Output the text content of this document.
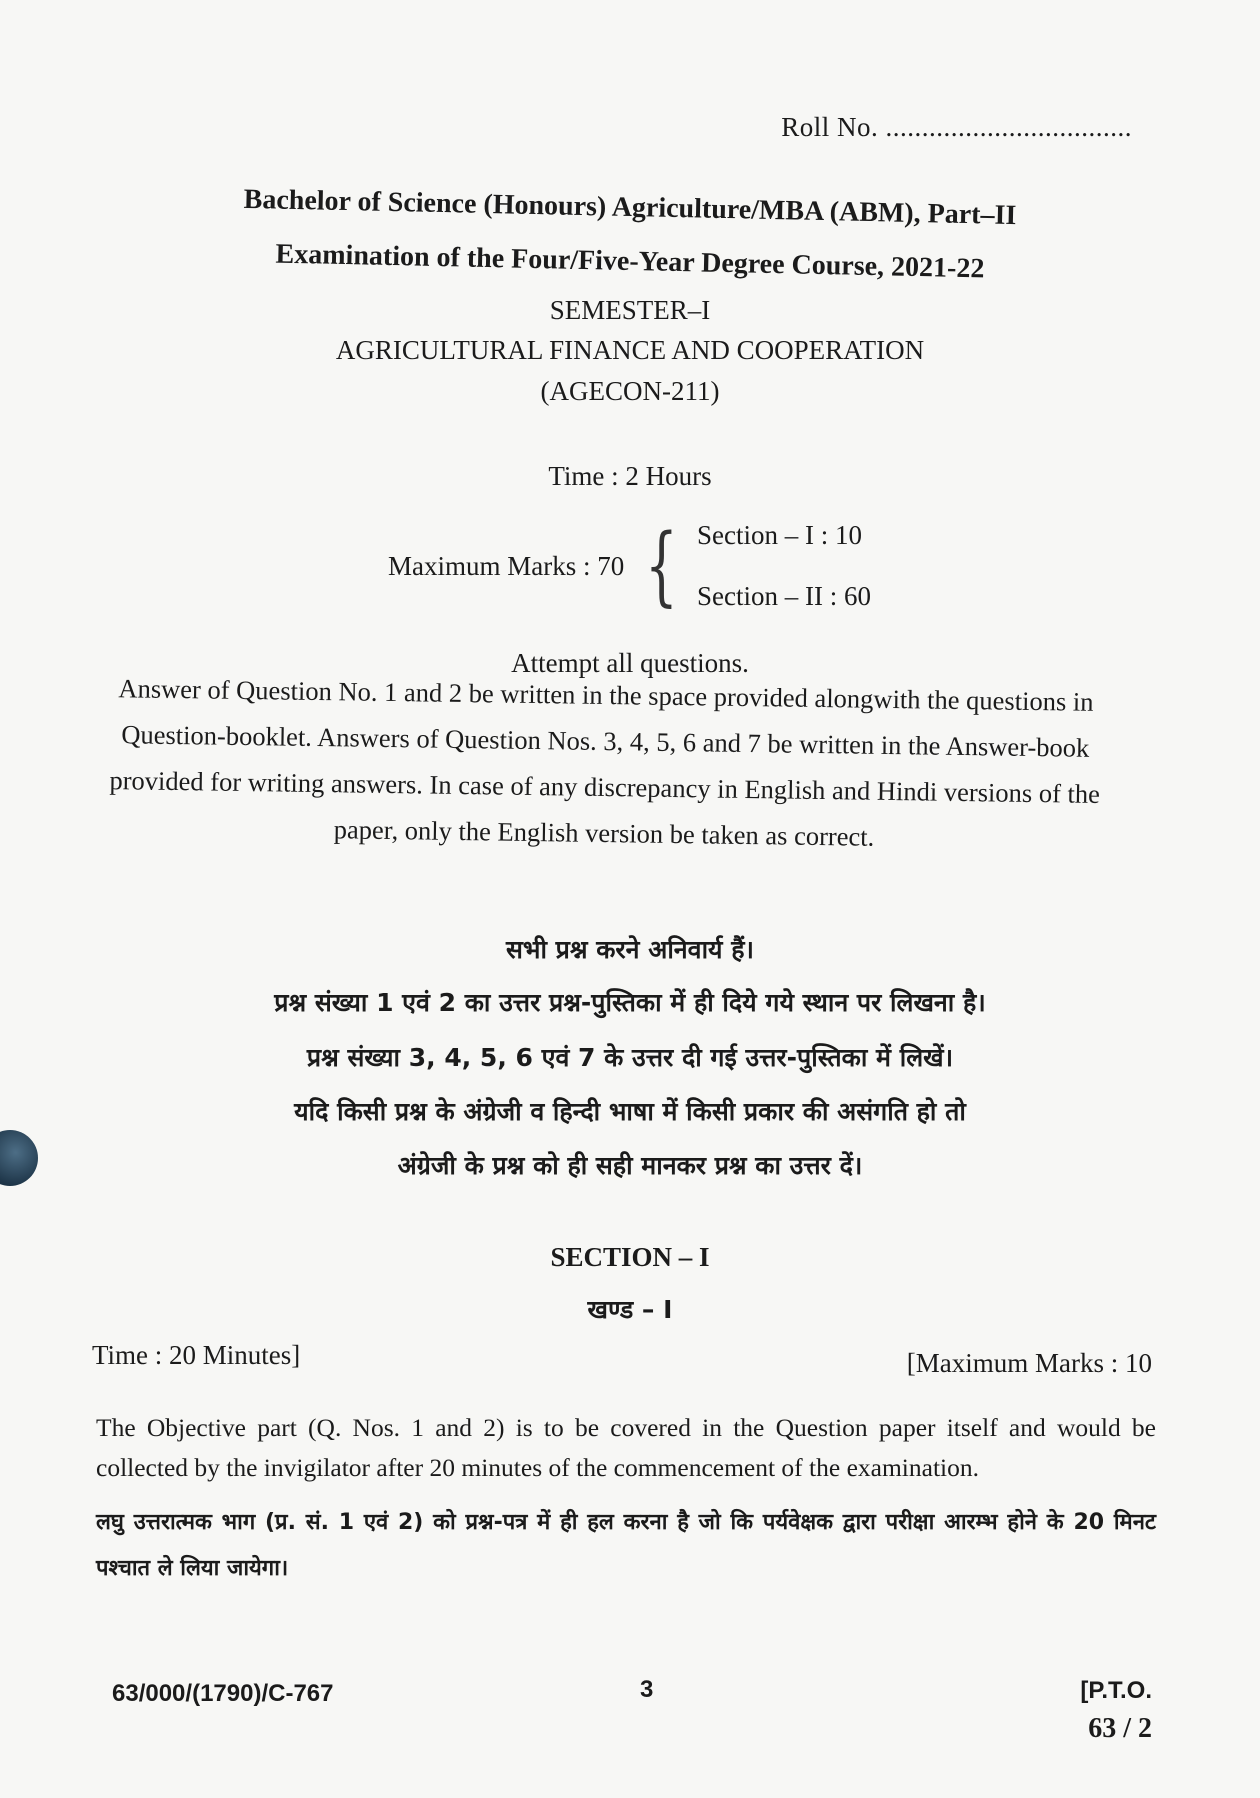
Roll No. ..................................
Bachelor of Science (Honours) Agriculture/MBA (ABM), Part–II
Examination of the Four/Five-Year Degree Course, 2021-22
SEMESTER–I
AGRICULTURAL FINANCE AND COOPERATION
(AGECON-211)
Time : 2 Hours
Maximum Marks : 70 { Section – I : 10
Section – II : 60
Attempt all questions.
Answer of Question No. 1 and 2 be written in the space provided alongwith the questions in Question-booklet. Answers of Question Nos. 3, 4, 5, 6 and 7 be written in the Answer-book provided for writing answers. In case of any discrepancy in English and Hindi versions of the paper, only the English version be taken as correct.
सभी प्रश्न करने अनिवार्य हैं।
प्रश्न संख्या 1 एवं 2 का उत्तर प्रश्न-पुस्तिका में ही दिये गये स्थान पर लिखना है।
प्रश्न संख्या 3, 4, 5, 6 एवं 7 के उत्तर दी गई उत्तर-पुस्तिका में लिखें।
यदि किसी प्रश्न के अंग्रेजी व हिन्दी भाषा में किसी प्रकार की असंगति हो तो
अंग्रेजी के प्रश्न को ही सही मानकर प्रश्न का उत्तर दें।
SECTION – I
खण्ड – I
Time : 20 Minutes]	[Maximum Marks : 10
The Objective part (Q. Nos. 1 and 2) is to be covered in the Question paper itself and would be collected by the invigilator after 20 minutes of the commencement of the examination.
लघु उत्तरात्मक भाग (प्र. सं. 1 एवं 2) को प्रश्न-पत्र में ही हल करना है जो कि पर्यवेक्षक द्वारा परीक्षा आरम्भ होने के 20 मिनट पश्चात ले लिया जायेगा।
63/000/(1790)/C-767	3	[P.T.O.
63 / 2
